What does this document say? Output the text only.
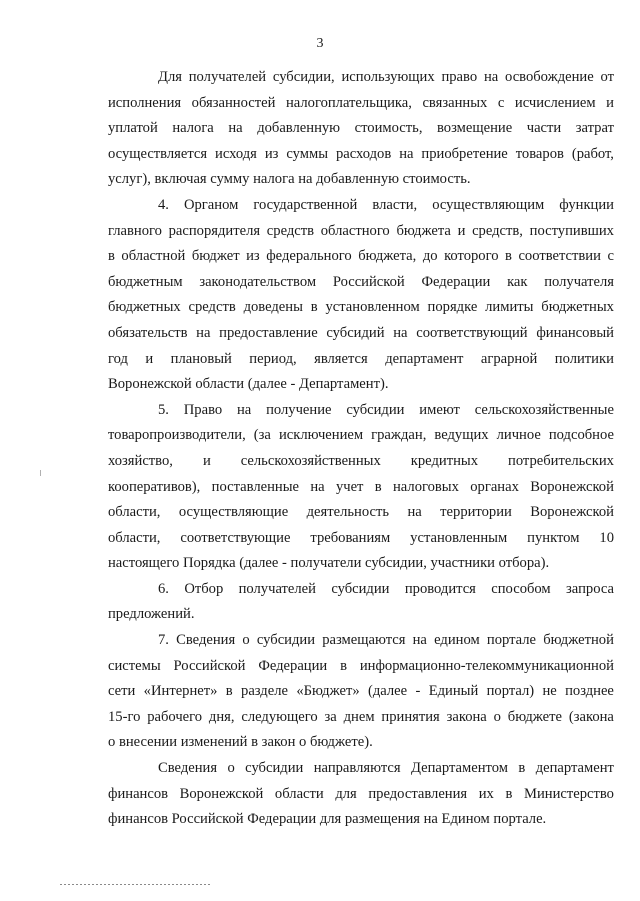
3
Для получателей субсидии, использующих право на освобождение от
исполнения обязанностей налогоплательщика, связанных с исчислением и
уплатой налога на добавленную стоимость, возмещение части затрат
осуществляется исходя из суммы расходов на приобретение товаров (работ,
услуг), включая сумму налога на добавленную стоимость.
4. Органом государственной власти, осуществляющим функции
главного распорядителя средств областного бюджета и средств, поступивших
в областной бюджет из федерального бюджета, до которого в соответствии с
бюджетным законодательством Российской Федерации как получателя
бюджетных средств доведены в установленном порядке лимиты бюджетных
обязательств на предоставление субсидий на соответствующий финансовый
год и плановый период, является департамент аграрной политики
Воронежской области (далее - Департамент).
5. Право на получение субсидии имеют сельскохозяйственные
товаропроизводители, (за исключением граждан, ведущих личное подсобное
хозяйство, и сельскохозяйственных кредитных потребительских
кооперативов), поставленные на учет в налоговых органах Воронежской
области, осуществляющие деятельность на территории Воронежской
области, соответствующие требованиям установленным пунктом 10
настоящего Порядка (далее - получатели субсидии, участники отбора).
6. Отбор получателей субсидии проводится способом запроса
предложений.
7. Сведения о субсидии размещаются на едином портале бюджетной
системы Российской Федерации в информационно-телекоммуникационной
сети «Интернет» в разделе «Бюджет» (далее - Единый портал) не позднее
15-го рабочего дня, следующего за днем принятия закона о бюджете (закона
о внесении изменений в закон о бюджете).
Сведения о субсидии направляются Департаментом в департамент
финансов Воронежской области для предоставления их в Министерство
финансов Российской Федерации для размещения на Едином портале.
